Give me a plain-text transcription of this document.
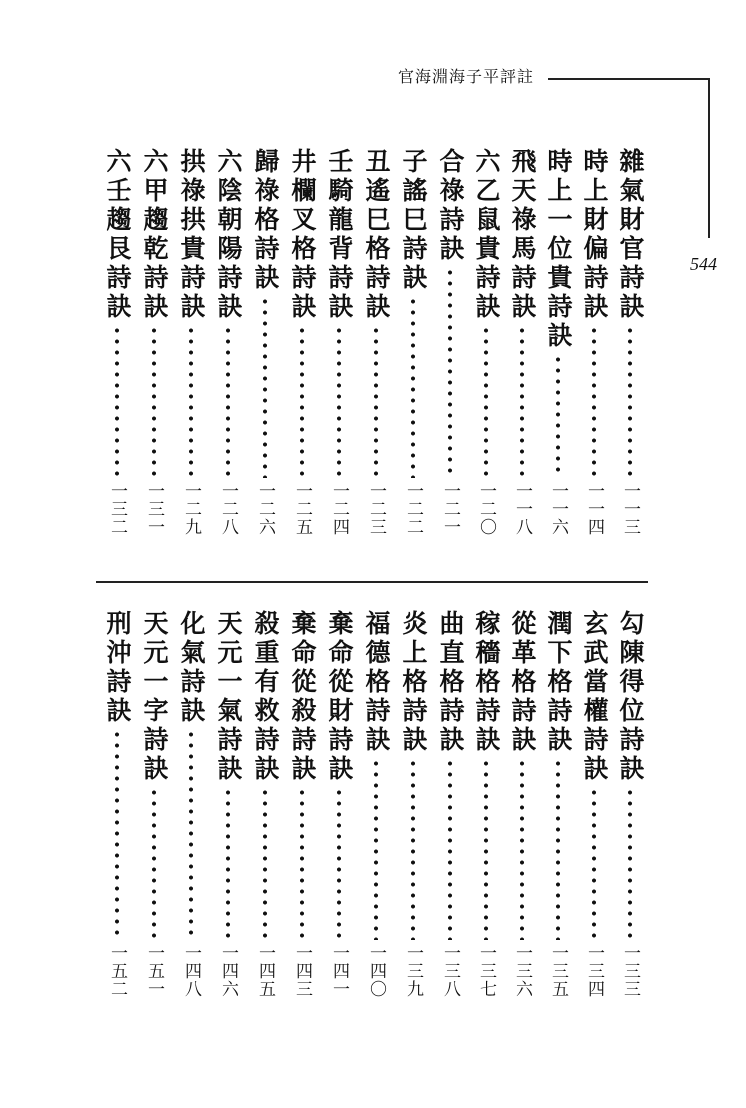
官海淵海子平評註
544
雜氣財官詩訣
一一三
時上財偏詩訣
一一四
時上一位貴詩訣
一一六
飛天祿馬詩訣
一一八
六乙鼠貴詩訣
一二〇
合祿詩訣
一二一
子謠巳詩訣
一二二
丑遙巳格詩訣
一二三
壬騎龍背詩訣
一二四
井欄叉格詩訣
一二五
歸祿格詩訣
一二六
六陰朝陽詩訣
一二八
拱祿拱貴詩訣
一二九
六甲趨乾詩訣
一三一
六壬趨艮詩訣
一三二
勾陳得位詩訣
一三三
玄武當權詩訣
一三四
潤下格詩訣
一三五
從革格詩訣
一三六
稼穡格詩訣
一三七
曲直格詩訣
一三八
炎上格詩訣
一三九
福德格詩訣
一四〇
棄命從財詩訣
一四一
棄命從殺詩訣
一四三
殺重有救詩訣
一四五
天元一氣詩訣
一四六
化氣詩訣
一四八
天元一字詩訣
一五一
刑沖詩訣
一五二
